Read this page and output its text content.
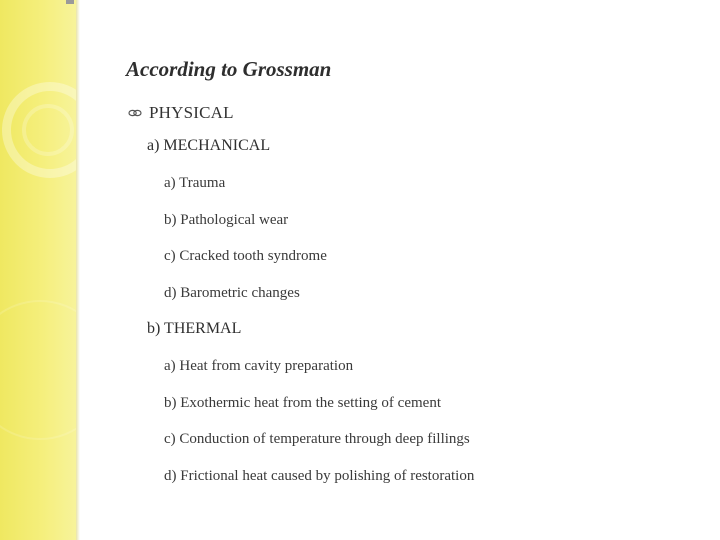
According to Grossman
PHYSICAL
a) MECHANICAL
a) Trauma
b) Pathological wear
c) Cracked tooth syndrome
d) Barometric changes
b) THERMAL
a) Heat from cavity preparation
b) Exothermic heat from the setting of cement
c) Conduction of temperature through deep fillings
d) Frictional heat caused by polishing of restoration
